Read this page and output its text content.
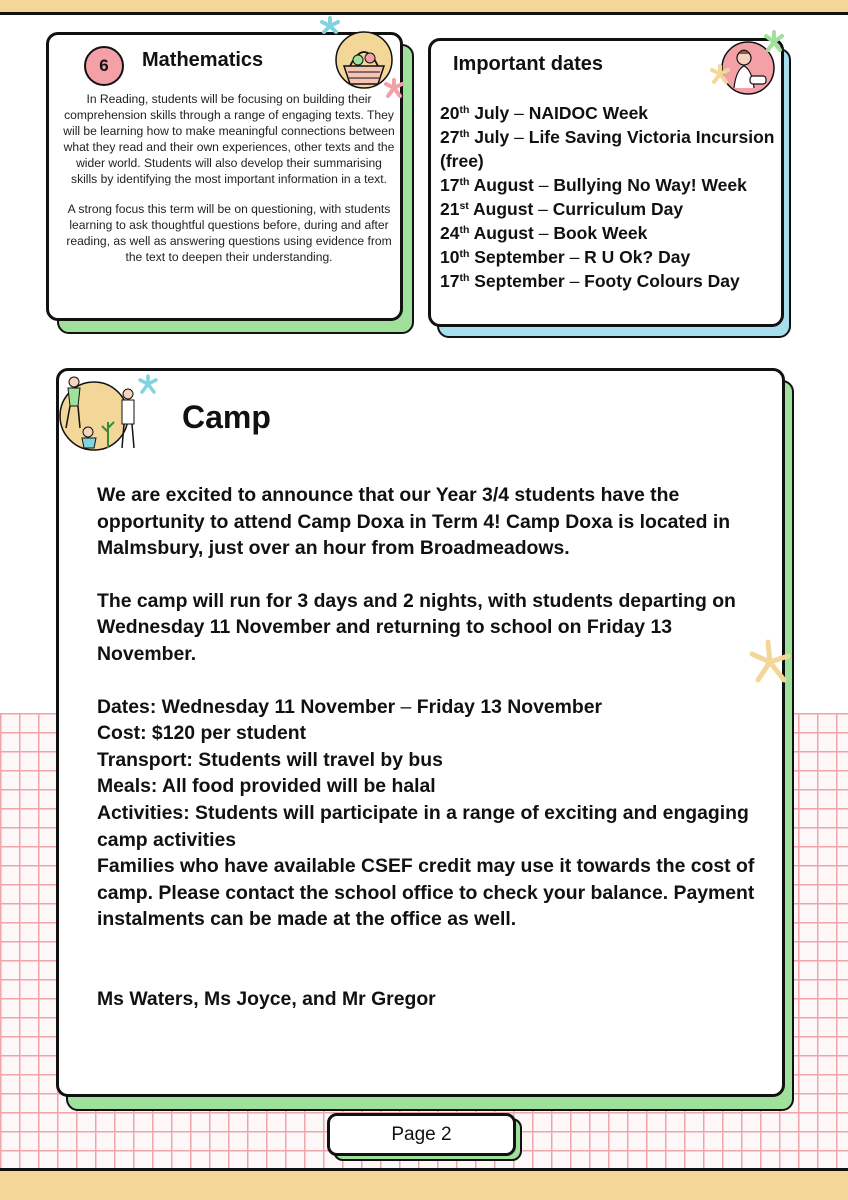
6	Mathematics

In Reading, students will be focusing on building their comprehension skills through a range of engaging texts. They will be learning how to make meaningful connections between what they read and their own experiences, other texts and the wider world. Students will also develop their summarising skills by identifying the most important information in a text.

A strong focus this term will be on questioning, with students learning to ask thoughtful questions before, during and after reading, as well as answering questions using evidence from the text to deepen their understanding.

Important dates
20th July – NAIDOC Week
27th July – Life Saving Victoria Incursion (free)
17th August – Bullying No Way! Week
21st August – Curriculum Day
24th August – Book Week
10th September – R U Ok? Day
17th September – Footy Colours Day
Camp

We are excited to announce that our Year 3/4 students have the opportunity to attend Camp Doxa in Term 4! Camp Doxa is located in Malmsbury, just over an hour from Broadmeadows.

The camp will run for 3 days and 2 nights, with students departing on Wednesday 11 November and returning to school on Friday 13 November.

Dates: Wednesday 11 November – Friday 13 November
Cost: $120 per student
Transport: Students will travel by bus
Meals: All food provided will be halal
Activities: Students will participate in a range of exciting and engaging camp activities

Families who have available CSEF credit may use it towards the cost of camp. Please contact the school office to check your balance. Payment instalments can be made at the office as well.

Ms Waters, Ms Joyce, and Mr Gregor

Page 2
